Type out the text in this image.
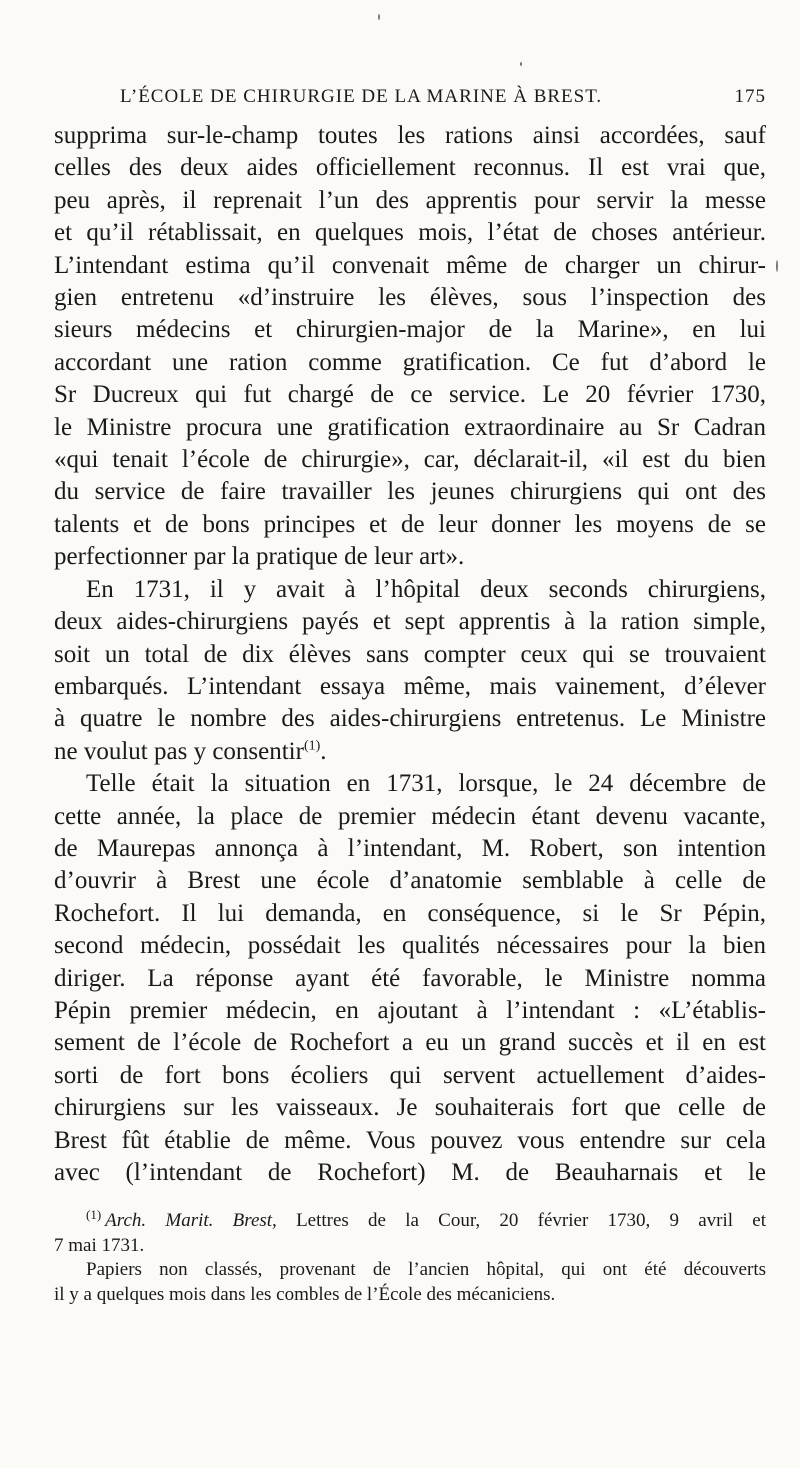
L’ÉCOLE DE CHIRURGIE DE LA MARINE À BREST.	175
supprima sur-le-champ toutes les rations ainsi accordées, sauf
celles des deux aides officiellement reconnus. Il est vrai que,
peu après, il reprenait l’un des apprentis pour servir la messe
et qu’il rétablissait, en quelques mois, l’état de choses antérieur.
L’intendant estima qu’il convenait même de charger un chirur-
gien entretenu «d’instruire les élèves, sous l’inspection des
sieurs médecins et chirurgien-major de la Marine», en lui
accordant une ration comme gratification. Ce fut d’abord le
Sr Ducreux qui fut chargé de ce service. Le 20 février 1730,
le Ministre procura une gratification extraordinaire au Sr Cadran
«qui tenait l’école de chirurgie», car, déclarait-il, «il est du bien
du service de faire travailler les jeunes chirurgiens qui ont des
talents et de bons principes et de leur donner les moyens de se
perfectionner par la pratique de leur art».
En 1731, il y avait à l’hôpital deux seconds chirurgiens,
deux aides-chirurgiens payés et sept apprentis à la ration simple,
soit un total de dix élèves sans compter ceux qui se trouvaient
embarqués. L’intendant essaya même, mais vainement, d’élever
à quatre le nombre des aides-chirurgiens entretenus. Le Ministre
ne voulut pas y consentir$^{(1)}$.
Telle était la situation en 1731, lorsque, le 24 décembre de
cette année, la place de premier médecin étant devenu vacante,
de Maurepas annonça à l’intendant, M. Robert, son intention
d’ouvrir à Brest une école d’anatomie semblable à celle de
Rochefort. Il lui demanda, en conséquence, si le Sr Pépin,
second médecin, possédait les qualités nécessaires pour la bien
diriger. La réponse ayant été favorable, le Ministre nomma
Pépin premier médecin, en ajoutant à l’intendant : «L’établis-
sement de l’école de Rochefort a eu un grand succès et il en est
sorti de fort bons écoliers qui servent actuellement d’aides-
chirurgiens sur les vaisseaux. Je souhaiterais fort que celle de
Brest fût établie de même. Vous pouvez vous entendre sur cela
avec (l’intendant de Rochefort) M. de Beauharnais et le
$^{(1)}$ Arch. Marit. Brest, Lettres de la Cour, 20 février 1730, 9 avril et
7 mai 1731.
Papiers non classés, provenant de l’ancien hôpital, qui ont été découverts
il y a quelques mois dans les combles de l’École des mécaniciens.
